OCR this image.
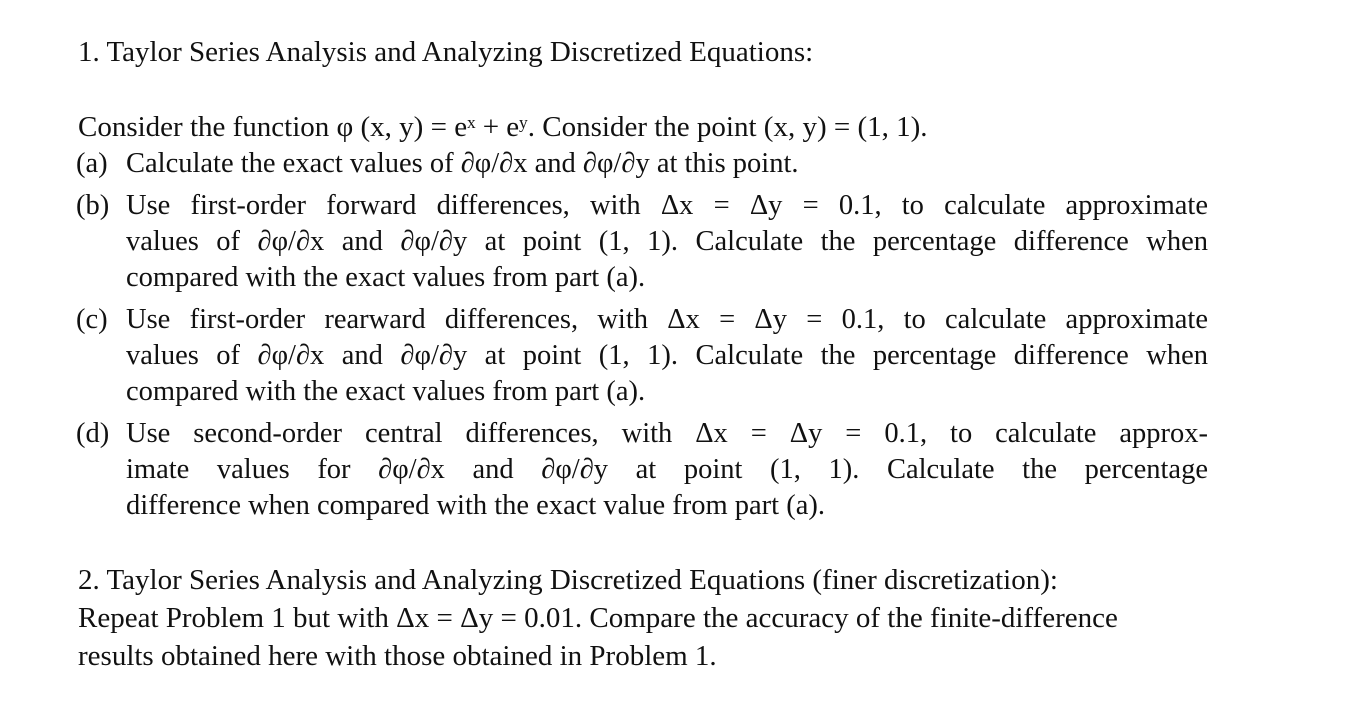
1. Taylor Series Analysis and Analyzing Discretized Equations:
Consider the function φ (x, y) = eˣ + eʸ. Consider the point (x, y) = (1, 1).
(a) Calculate the exact values of ∂φ/∂x and ∂φ/∂y at this point.
(b) Use first-order forward differences, with Δx = Δy = 0.1, to calculate approximate
values of ∂φ/∂x and ∂φ/∂y at point (1, 1). Calculate the percentage difference when
compared with the exact values from part (a).
(c) Use first-order rearward differences, with Δx = Δy = 0.1, to calculate approximate
values of ∂φ/∂x and ∂φ/∂y at point (1, 1). Calculate the percentage difference when
compared with the exact values from part (a).
(d) Use second-order central differences, with Δx = Δy = 0.1, to calculate approx-
imate values for ∂φ/∂x and ∂φ/∂y at point (1, 1). Calculate the percentage
difference when compared with the exact value from part (a).
2. Taylor Series Analysis and Analyzing Discretized Equations (finer discretization):
Repeat Problem 1 but with Δx = Δy = 0.01. Compare the accuracy of the finite-difference
results obtained here with those obtained in Problem 1.
